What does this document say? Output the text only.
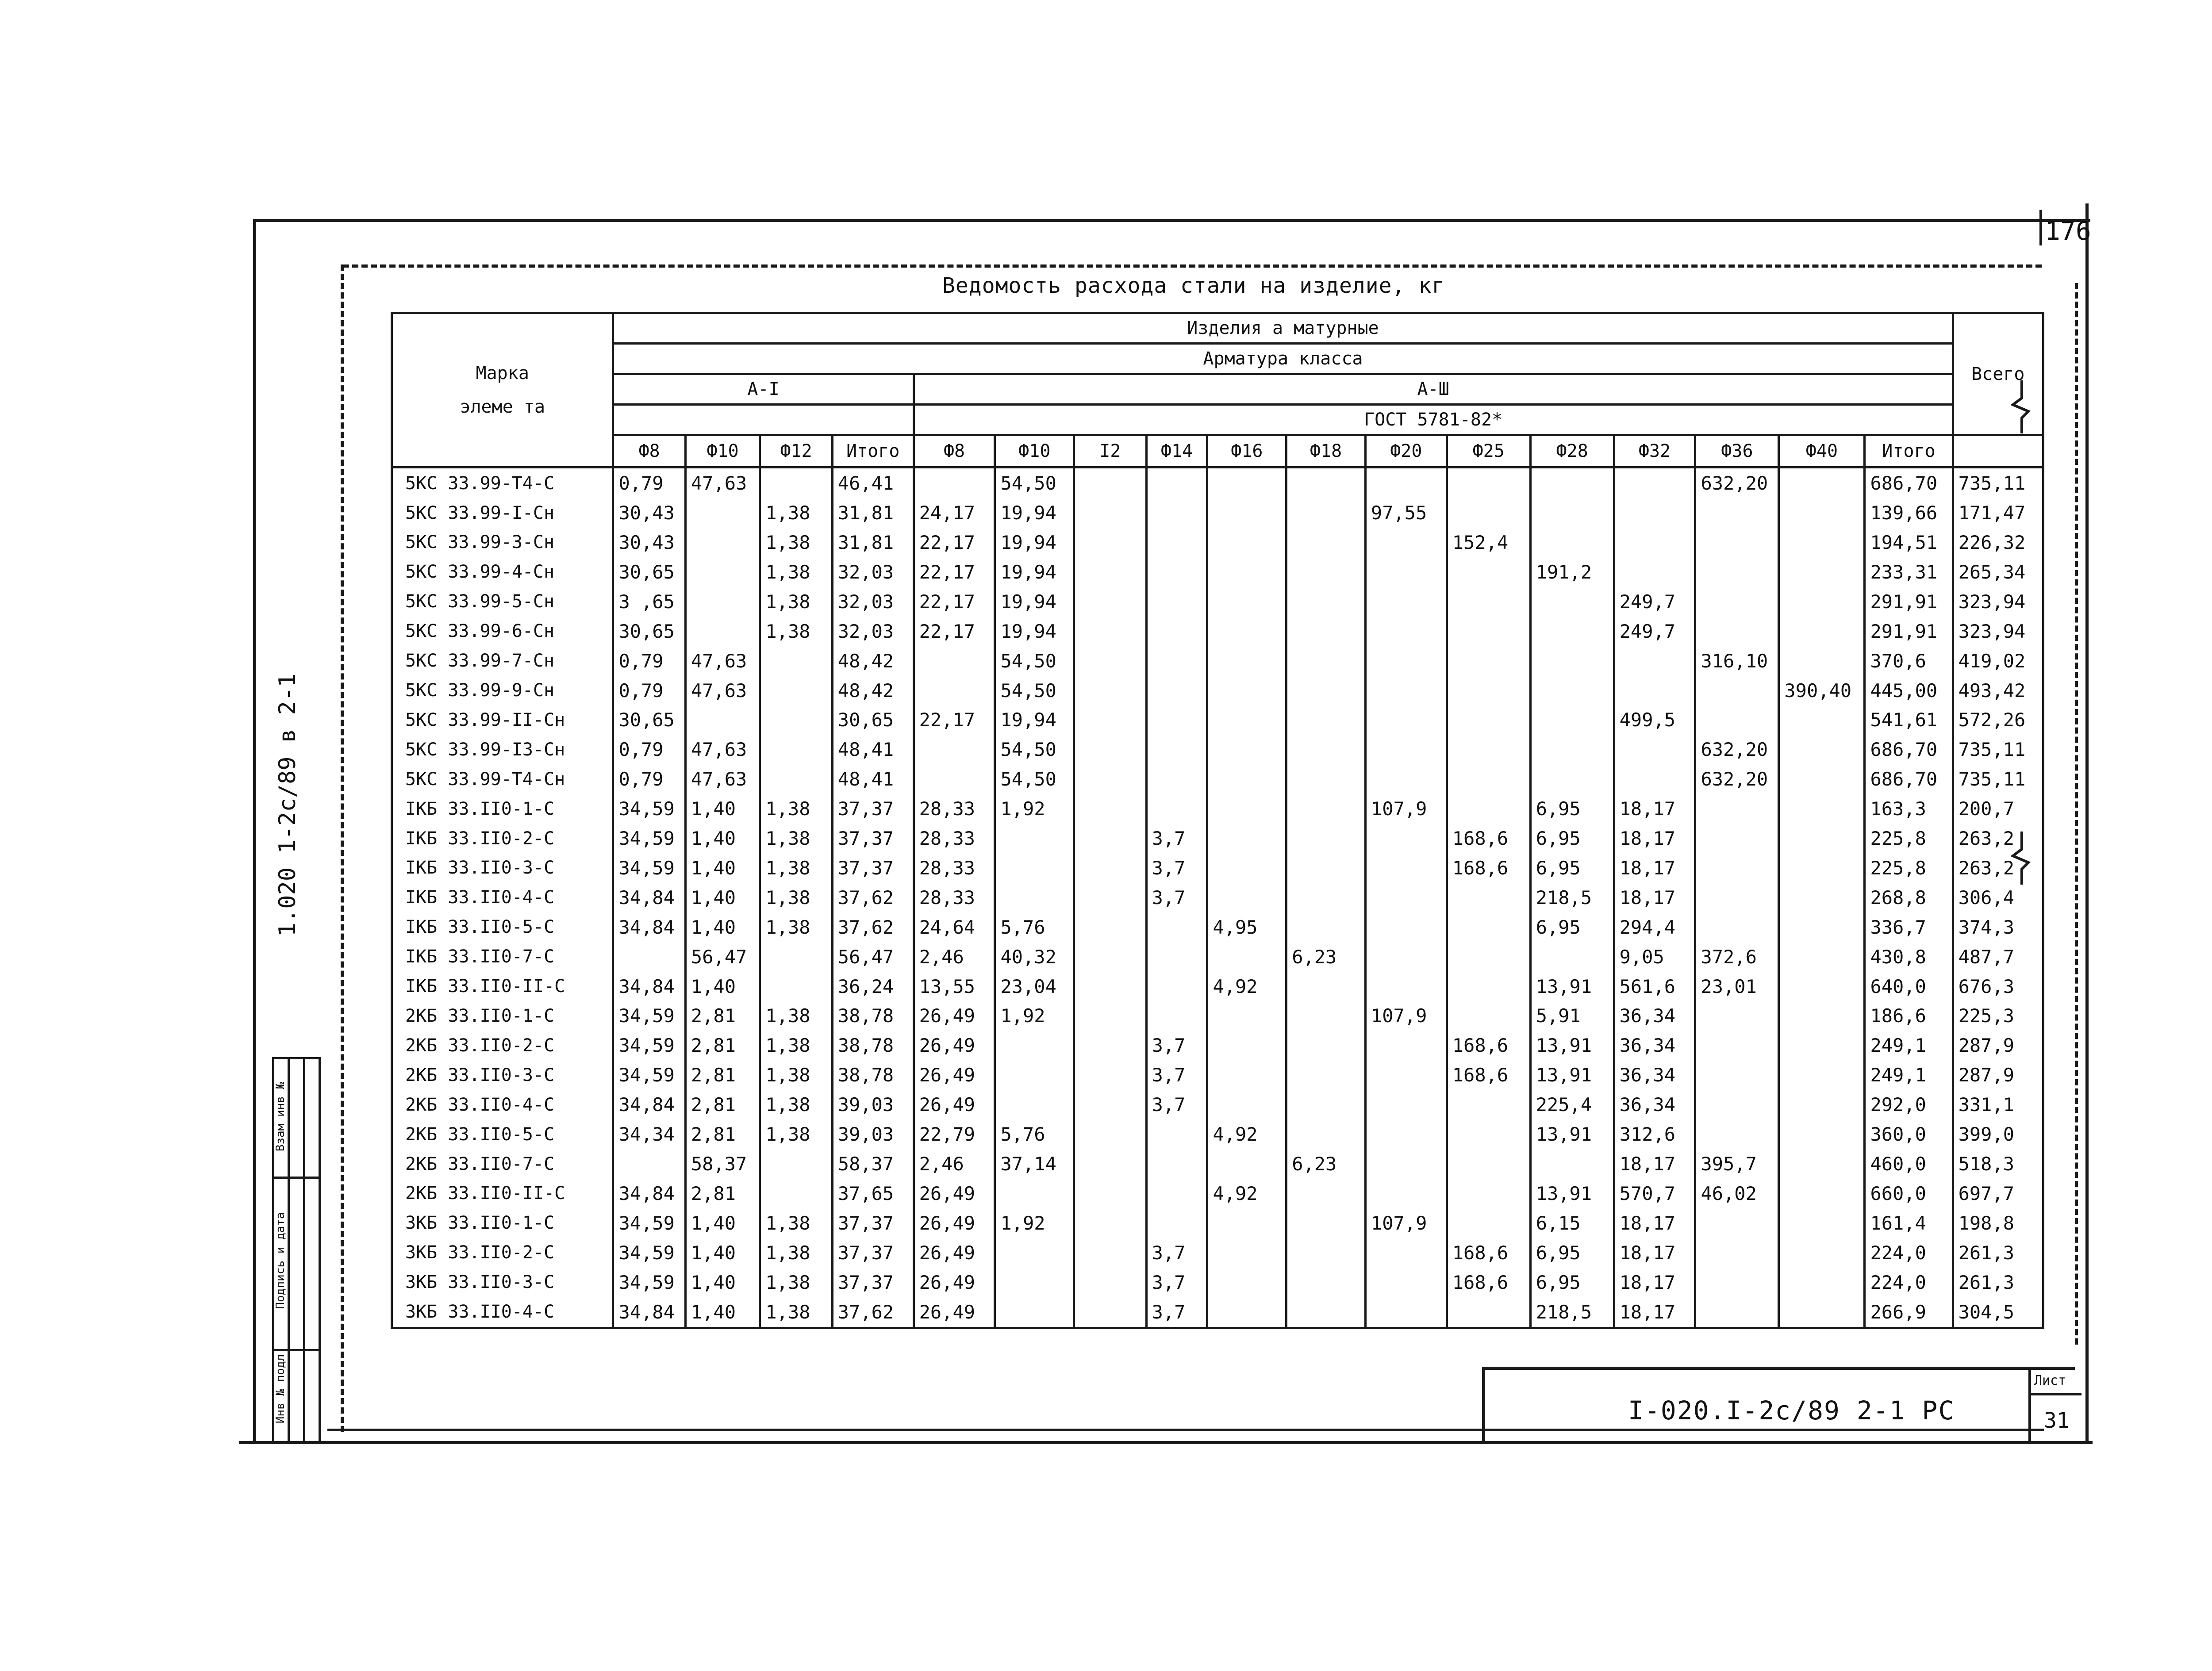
176
Ведомость расхода стали на изделие, кг
1.020 1-2с/89 в 2-1
Марка
элеме та	Изделия а матурные																	Всего
	Арматура класса																	
	А-I				А-Ш													
					ГОСТ 5781-82*													
	Ф8	Ф10	Ф12	Итого	Ф8	Ф10	I2	Ф14	Ф16	Ф18	Ф20	Ф25	Ф28	Ф32	Ф36	Ф40	Итого	
5КС 33.99-Т4-С	0,79	47,63		46,41		54,50									632,20		686,70	735,11
5КС 33.99-I-Сн	30,43		1,38	31,81	24,17	19,94					97,55						139,66	171,47
5КС 33.99-3-Сн	30,43		1,38	31,81	22,17	19,94						152,4					194,51	226,32
5КС 33.99-4-Сн	30,65		1,38	32,03	22,17	19,94							191,2				233,31	265,34
5КС 33.99-5-Сн	3 ,65		1,38	32,03	22,17	19,94								249,7			291,91	323,94
5КС 33.99-6-Сн	30,65		1,38	32,03	22,17	19,94								249,7			291,91	323,94
5КС 33.99-7-Сн	0,79	47,63		48,42		54,50									316,10		370,6	419,02
5КС 33.99-9-Сн	0,79	47,63		48,42		54,50										390,40	445,00	493,42
5КС 33.99-II-Сн	30,65			30,65	22,17	19,94								499,5			541,61	572,26
5КС 33.99-I3-Сн	0,79	47,63		48,41		54,50									632,20		686,70	735,11
5КС 33.99-Т4-Сн	0,79	47,63		48,41		54,50									632,20		686,70	735,11
IКБ 33.II0-1-С	34,59	1,40	1,38	37,37	28,33	1,92					107,9		6,95	18,17			163,3	200,7
IКБ 33.II0-2-С	34,59	1,40	1,38	37,37	28,33			3,7				168,6	6,95	18,17			225,8	263,2
IКБ 33.II0-3-С	34,59	1,40	1,38	37,37	28,33			3,7				168,6	6,95	18,17			225,8	263,2
IКБ 33.II0-4-С	34,84	1,40	1,38	37,62	28,33			3,7					218,5	18,17			268,8	306,4
IКБ 33.II0-5-С	34,84	1,40	1,38	37,62	24,64	5,76			4,95				6,95	294,4			336,7	374,3
IКБ 33.II0-7-С		56,47		56,47	2,46	40,32				6,23				9,05	372,6		430,8	487,7
IКБ 33.II0-II-С	34,84	1,40		36,24	13,55	23,04			4,92				13,91	561,6	23,01		640,0	676,3
2КБ 33.II0-1-С	34,59	2,81	1,38	38,78	26,49	1,92					107,9		5,91	36,34			186,6	225,3
2КБ 33.II0-2-С	34,59	2,81	1,38	38,78	26,49			3,7				168,6	13,91	36,34			249,1	287,9
2КБ 33.II0-3-С	34,59	2,81	1,38	38,78	26,49			3,7				168,6	13,91	36,34			249,1	287,9
2КБ 33.II0-4-С	34,84	2,81	1,38	39,03	26,49			3,7					225,4	36,34			292,0	331,1
2КБ 33.II0-5-С	34,34	2,81	1,38	39,03	22,79	5,76			4,92				13,91	312,6			360,0	399,0
2КБ 33.II0-7-С		58,37		58,37	2,46	37,14				6,23				18,17	395,7		460,0	518,3
2КБ 33.II0-II-С	34,84	2,81		37,65	26,49				4,92				13,91	570,7	46,02		660,0	697,7
3КБ 33.II0-1-С	34,59	1,40	1,38	37,37	26,49	1,92					107,9		6,15	18,17			161,4	198,8
3КБ 33.II0-2-С	34,59	1,40	1,38	37,37	26,49			3,7				168,6	6,95	18,17			224,0	261,3
3КБ 33.II0-3-С	34,59	1,40	1,38	37,37	26,49			3,7				168,6	6,95	18,17			224,0	261,3
3КБ 33.II0-4-С	34,84	1,40	1,38	37,62	26,49			3,7					218,5	18,17			266,9	304,5
Инв № подл
Подпись и дата
Взам инв №
I-020.I-2с/89 2-1 РС
Лист
31
